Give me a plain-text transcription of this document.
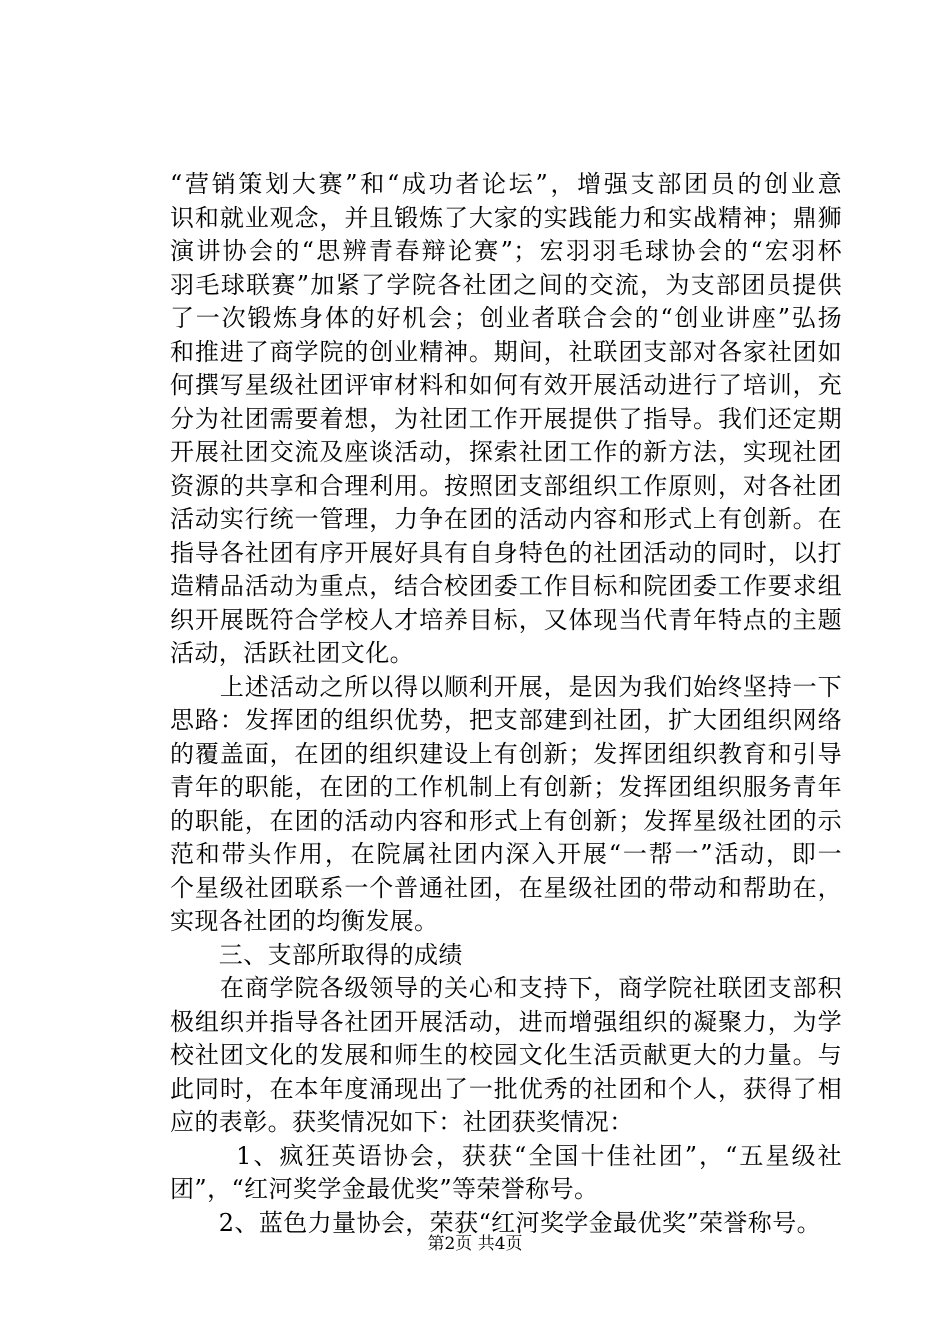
“营销策划大赛”和“成功者论坛”，增强支部团员的创业意
识和就业观念，并且锻炼了大家的实践能力和实战精神；鼎狮
演讲协会的“思辨青春辩论赛”；宏羽羽毛球协会的“宏羽杯
羽毛球联赛”加紧了学院各社团之间的交流，为支部团员提供
了一次锻炼身体的好机会；创业者联合会的“创业讲座”弘扬
和推进了商学院的创业精神。期间，社联团支部对各家社团如
何撰写星级社团评审材料和如何有效开展活动进行了培训，充
分为社团需要着想，为社团工作开展提供了指导。我们还定期
开展社团交流及座谈活动，探索社团工作的新方法，实现社团
资源的共享和合理利用。按照团支部组织工作原则，对各社团
活动实行统一管理，力争在团的活动内容和形式上有创新。在
指导各社团有序开展好具有自身特色的社团活动的同时，以打
造精品活动为重点，结合校团委工作目标和院团委工作要求组
织开展既符合学校人才培养目标，又体现当代青年特点的主题
活动，活跃社团文化。
　　上述活动之所以得以顺利开展，是因为我们始终坚持一下
思路：发挥团的组织优势，把支部建到社团，扩大团组织网络
的覆盖面，在团的组织建设上有创新；发挥团组织教育和引导
青年的职能，在团的工作机制上有创新；发挥团组织服务青年
的职能，在团的活动内容和形式上有创新；发挥星级社团的示
范和带头作用，在院属社团内深入开展“一帮一”活动，即一
个星级社团联系一个普通社团，在星级社团的带动和帮助在，
实现各社团的均衡发展。
　　三、支部所取得的成绩
　　在商学院各级领导的关心和支持下，商学院社联团支部积
极组织并指导各社团开展活动，进而增强组织的凝聚力，为学
校社团文化的发展和师生的校园文化生活贡献更大的力量。与
此同时，在本年度涌现出了一批优秀的社团和个人，获得了相
应的表彰。获奖情况如下：社团获奖情况：
　　1、疯狂英语协会，获获“全国十佳社团”，“五星级社
团”，“红河奖学金最优奖”等荣誉称号。
　　2、蓝色力量协会，荣获“红河奖学金最优奖”荣誉称号。
第2页 共4页
